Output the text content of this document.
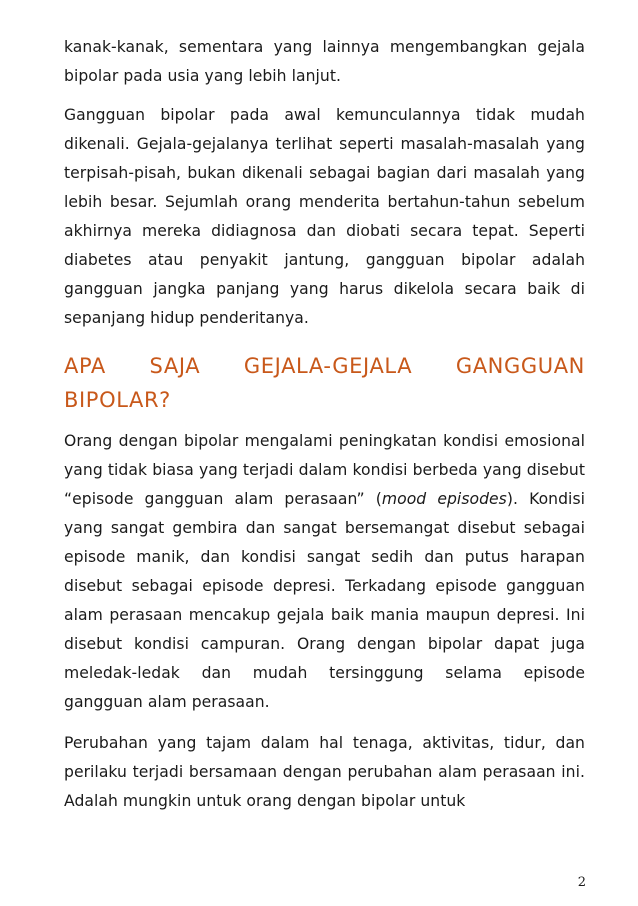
kanak-kanak, sementara yang lainnya mengembangkan gejala bipolar pada usia yang lebih lanjut.

Gangguan bipolar pada awal kemunculannya tidak mudah dikenali. Gejala-gejalanya terlihat seperti masalah-masalah yang terpisah-pisah, bukan dikenali sebagai bagian dari masalah yang lebih besar. Sejumlah orang menderita bertahun-tahun sebelum akhirnya mereka didiagnosa dan diobati secara tepat. Seperti diabetes atau penyakit jantung, gangguan bipolar adalah gangguan jangka panjang yang harus dikelola secara baik di sepanjang hidup penderitanya.

APA SAJA GEJALA-GEJALA GANGGUAN BIPOLAR?

Orang dengan bipolar mengalami peningkatan kondisi emosional yang tidak biasa yang terjadi dalam kondisi berbeda yang disebut “episode gangguan alam perasaan” (mood episodes). Kondisi yang sangat gembira dan sangat bersemangat disebut sebagai episode manik, dan kondisi sangat sedih dan putus harapan disebut sebagai episode depresi. Terkadang episode gangguan alam perasaan mencakup gejala baik mania maupun depresi. Ini disebut kondisi campuran. Orang dengan bipolar dapat juga meledak-ledak dan mudah tersinggung selama episode gangguan alam perasaan.

Perubahan yang tajam dalam hal tenaga, aktivitas, tidur, dan perilaku terjadi bersamaan dengan perubahan alam perasaan ini. Adalah mungkin untuk orang dengan bipolar untuk

2
